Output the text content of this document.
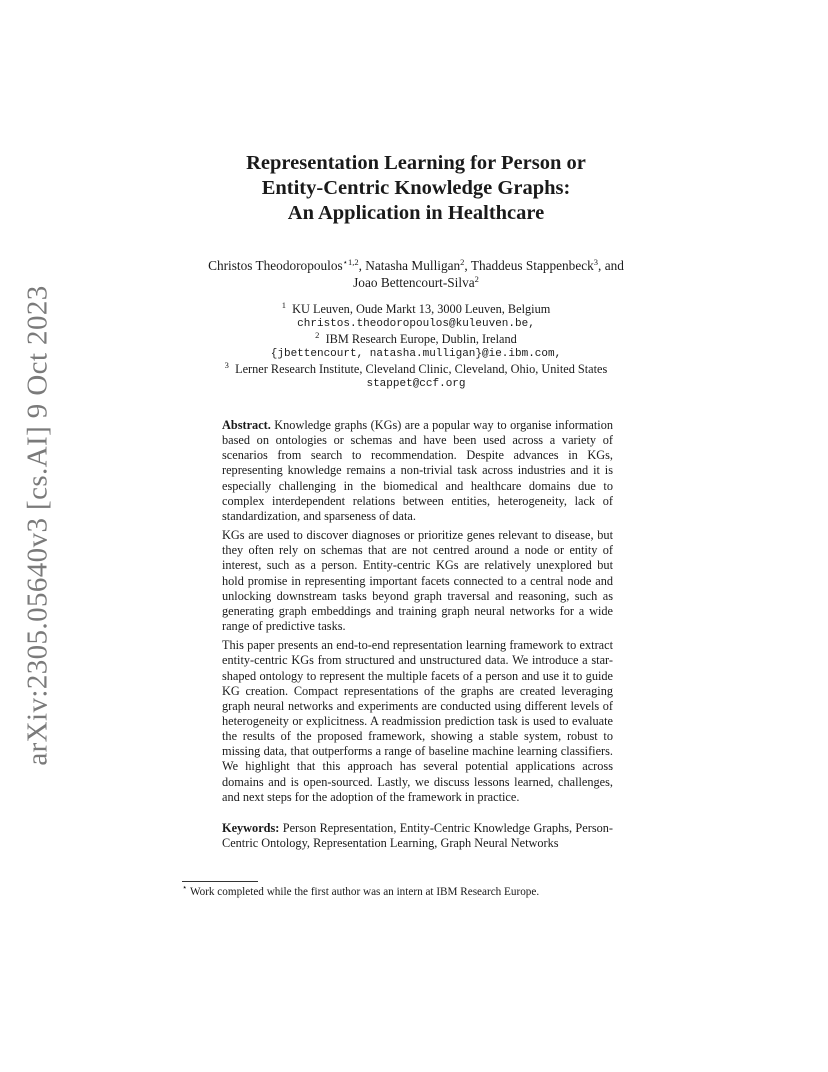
arXiv:2305.05640v3 [cs.AI] 9 Oct 2023
Representation Learning for Person or
Entity-Centric Knowledge Graphs:
An Application in Healthcare
Christos Theodoropoulos$^{⋆1,2}$, Natasha Mulligan$^2$, Thaddeus Stappenbeck$^3$, and
Joao Bettencourt-Silva$^2$
$^1$ KU Leuven, Oude Markt 13, 3000 Leuven, Belgium
christos.theodoropoulos@kuleuven.be,
$^2$ IBM Research Europe, Dublin, Ireland
{jbettencourt, natasha.mulligan}@ie.ibm.com,
$^3$ Lerner Research Institute, Cleveland Clinic, Cleveland, Ohio, United States
stappet@ccf.org

Abstract. Knowledge graphs (KGs) are a popular way to organise information based on ontologies or schemas and have been used across a variety of scenarios from search to recommendation. Despite advances in KGs, representing knowledge remains a non-trivial task across industries and it is especially challenging in the biomedical and healthcare domains due to complex interdependent relations between entities, heterogeneity, lack of standardization, and sparseness of data.

KGs are used to discover diagnoses or prioritize genes relevant to disease, but they often rely on schemas that are not centred around a node or entity of interest, such as a person. Entity-centric KGs are relatively unexplored but hold promise in representing important facets connected to a central node and unlocking downstream tasks beyond graph traversal and reasoning, such as generating graph embeddings and training graph neural networks for a wide range of predictive tasks.

This paper presents an end-to-end representation learning framework to extract entity-centric KGs from structured and unstructured data. We introduce a star-shaped ontology to represent the multiple facets of a person and use it to guide KG creation. Compact representations of the graphs are created leveraging graph neural networks and experiments are conducted using different levels of heterogeneity or explicitness. A readmission prediction task is used to evaluate the results of the proposed framework, showing a stable system, robust to missing data, that outperforms a range of baseline machine learning classifiers. We highlight that this approach has several potential applications across domains and is open-sourced. Lastly, we discuss lessons learned, challenges, and next steps for the adoption of the framework in practice.

Keywords: Person Representation, Entity-Centric Knowledge Graphs, Person-Centric Ontology, Representation Learning, Graph Neural Networks
⋆ Work completed while the first author was an intern at IBM Research Europe.
